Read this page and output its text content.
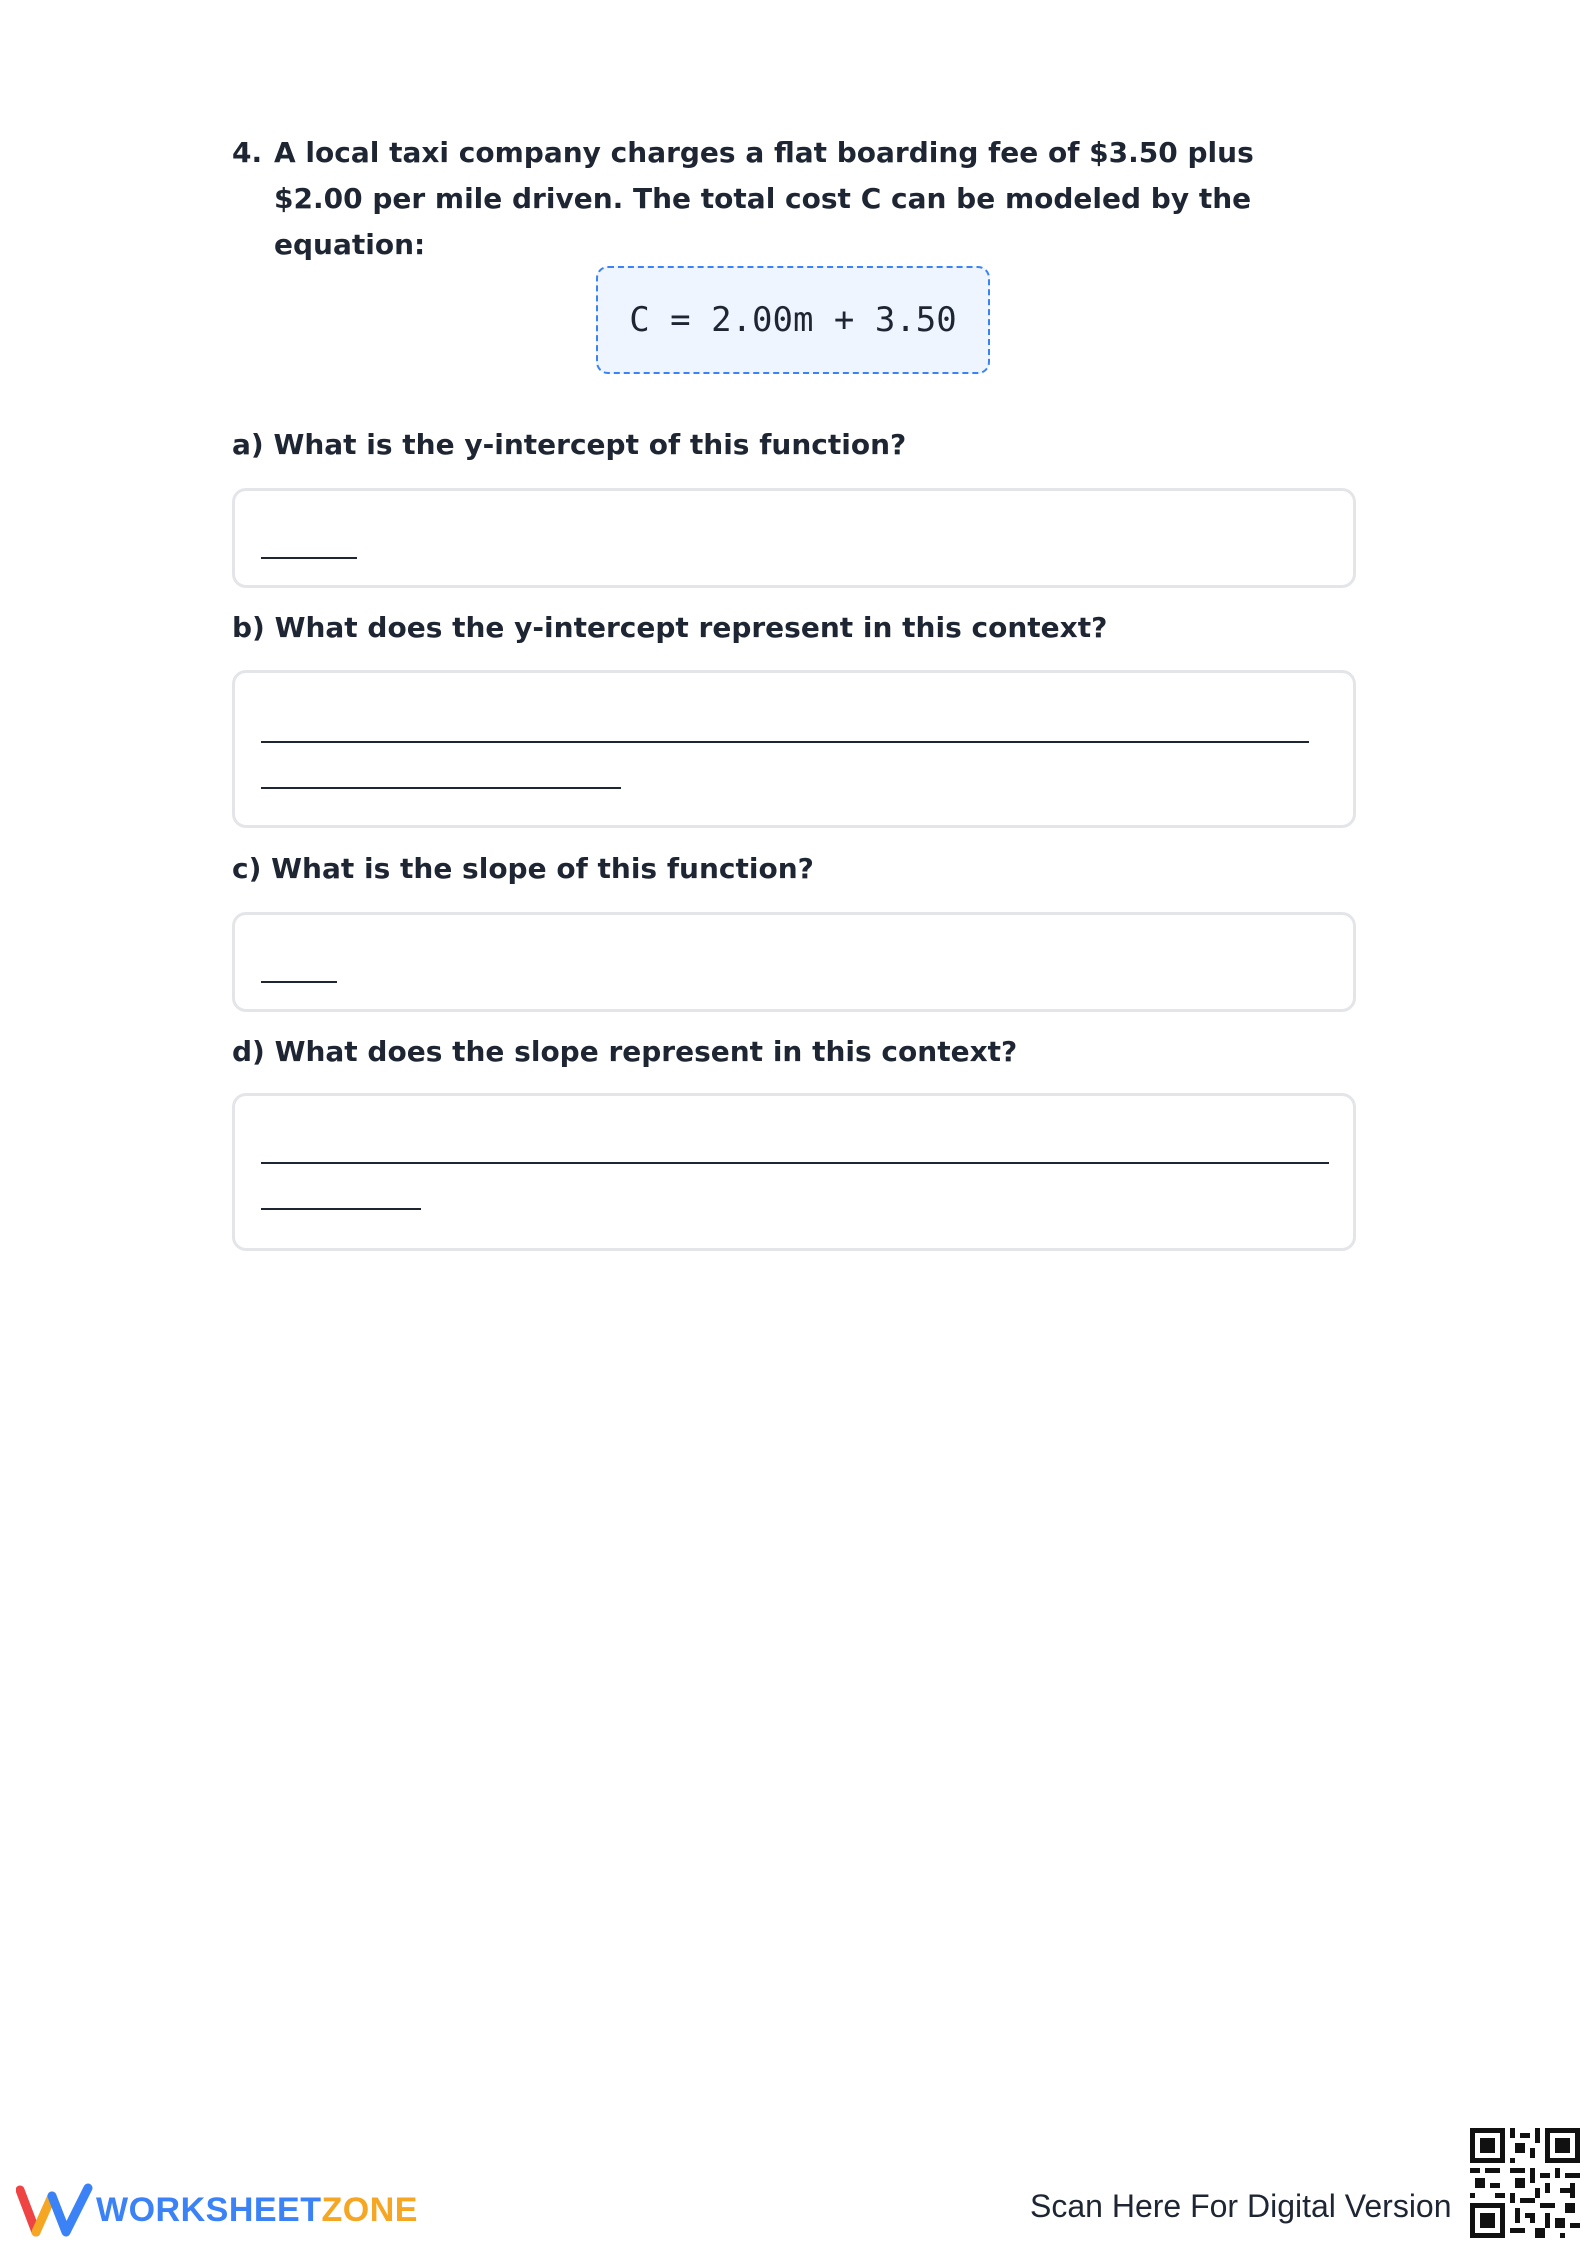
4. A local taxi company charges a flat boarding fee of $3.50 plus $2.00 per mile driven. The total cost C can be modeled by the equation:
C = 2.00m + 3.50
a) What is the y-intercept of this function?
b) What does the y-intercept represent in this context?
c) What is the slope of this function?
d) What does the slope represent in this context?
WORKSHEETZONE	Scan Here For Digital Version
